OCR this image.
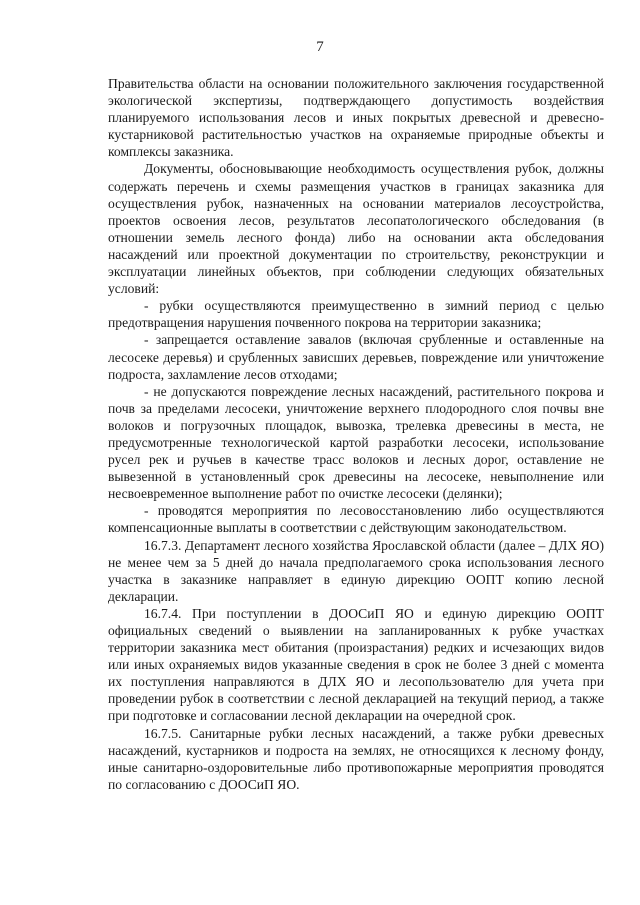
7

Правительства области на основании положительного заключения государственной экологической экспертизы, подтверждающего допустимость воздействия планируемого использования лесов и иных покрытых древесной и древесно-кустарниковой растительностью участков на охраняемые природные объекты и комплексы заказника.

Документы, обосновывающие необходимость осуществления рубок, должны содержать перечень и схемы размещения участков в границах заказника для осуществления рубок, назначенных на основании материалов лесоустройства, проектов освоения лесов, результатов лесопатологического обследования (в отношении земель лесного фонда) либо на основании акта обследования насаждений или проектной документации по строительству, реконструкции и эксплуатации линейных объектов, при соблюдении следующих обязательных условий:

- рубки осуществляются преимущественно в зимний период с целью предотвращения нарушения почвенного покрова на территории заказника;

- запрещается оставление завалов (включая срубленные и оставленные на лесосеке деревья) и срубленных зависших деревьев, повреждение или уничтожение подроста, захламление лесов отходами;

- не допускаются повреждение лесных насаждений, растительного покрова и почв за пределами лесосеки, уничтожение верхнего плодородного слоя почвы вне волоков и погрузочных площадок, вывозка, трелевка древесины в места, не предусмотренные технологической картой разработки лесосеки, использование русел рек и ручьев в качестве трасс волоков и лесных дорог, оставление не вывезенной в установленный срок древесины на лесосеке, невыполнение или несвоевременное выполнение работ по очистке лесосеки (делянки);

- проводятся мероприятия по лесовосстановлению либо осуществляются компенсационные выплаты в соответствии с действующим законодательством.

16.7.3. Департамент лесного хозяйства Ярославской области (далее – ДЛХ ЯО) не менее чем за 5 дней до начала предполагаемого срока использования лесного участка в заказнике направляет в единую дирекцию ООПТ копию лесной декларации.

16.7.4. При поступлении в ДООСиП ЯО и единую дирекцию ООПТ официальных сведений о выявлении на запланированных к рубке участках территории заказника мест обитания (произрастания) редких и исчезающих видов или иных охраняемых видов указанные сведения в срок не более 3 дней с момента их поступления направляются в ДЛХ ЯО и лесопользователю для учета при проведении рубок в соответствии с лесной декларацией на текущий период, а также при подготовке и согласовании лесной декларации на очередной срок.

16.7.5. Санитарные рубки лесных насаждений, а также рубки древесных насаждений, кустарников и подроста на землях, не относящихся к лесному фонду, иные санитарно-оздоровительные либо противопожарные мероприятия проводятся по согласованию с ДООСиП ЯО.
